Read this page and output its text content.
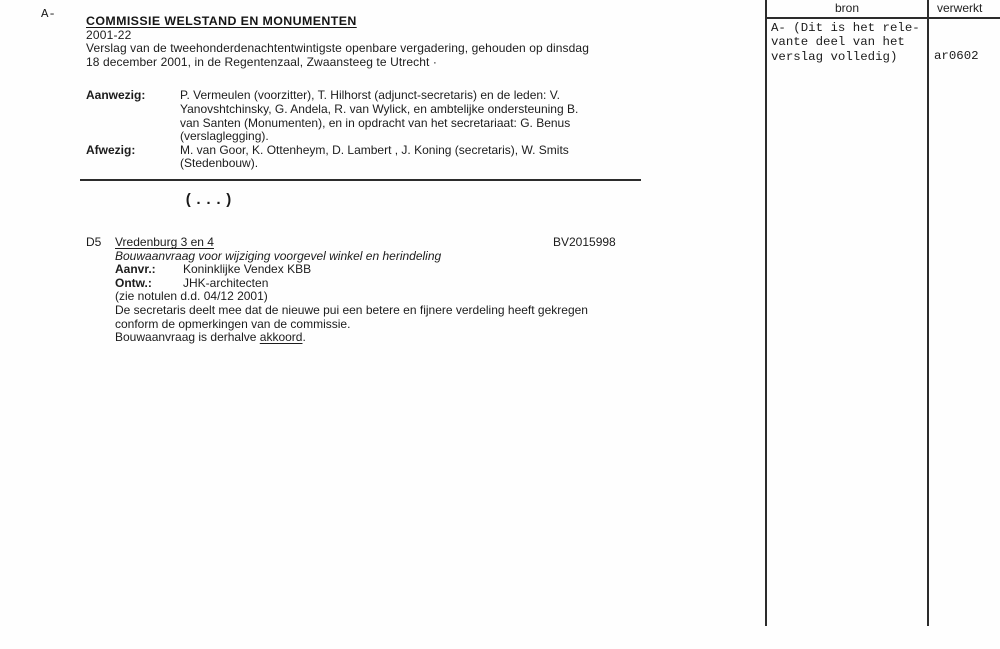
A- COMMISSIE WELSTAND EN MONUMENTEN
2001-22
Verslag van de tweehonderdenachtentwintigste openbare vergadering, gehouden op dinsdag
18 december 2001, in de Regentenzaal, Zwaansteeg te Utrecht ·
Aanwezig:	P. Vermeulen (voorzitter), T. Hilhorst (adjunct-secretaris) en de leden: V.
Yanovshtchinsky, G. Andela, R. van Wylick, en ambtelijke ondersteuning B.
van Santen (Monumenten), en in opdracht van het secretariaat: G. Benus
(verslaglegging).
Afwezig:	M. van Goor, K. Ottenheym, D. Lambert , J. Koning (secretaris), W. Smits
(Stedenbouw).
(...)
D5 Vredenburg 3 en 4	BV2015998
Bouwaanvraag voor wijziging voorgevel winkel en herindeling
Aanvr.: Koninklijke Vendex KBB
Ontw.:	JHK-architecten
(zie notulen d.d. 04/12 2001)
De secretaris deelt mee dat de nieuwe pui een betere en fijnere verdeling heeft gekregen
conform de opmerkingen van de commissie.
Bouwaanvraag is derhalve akkoord.
bron	verwerkt
A- (Dit is het rele-
vante deel van het
verslag volledig)	ar0602
